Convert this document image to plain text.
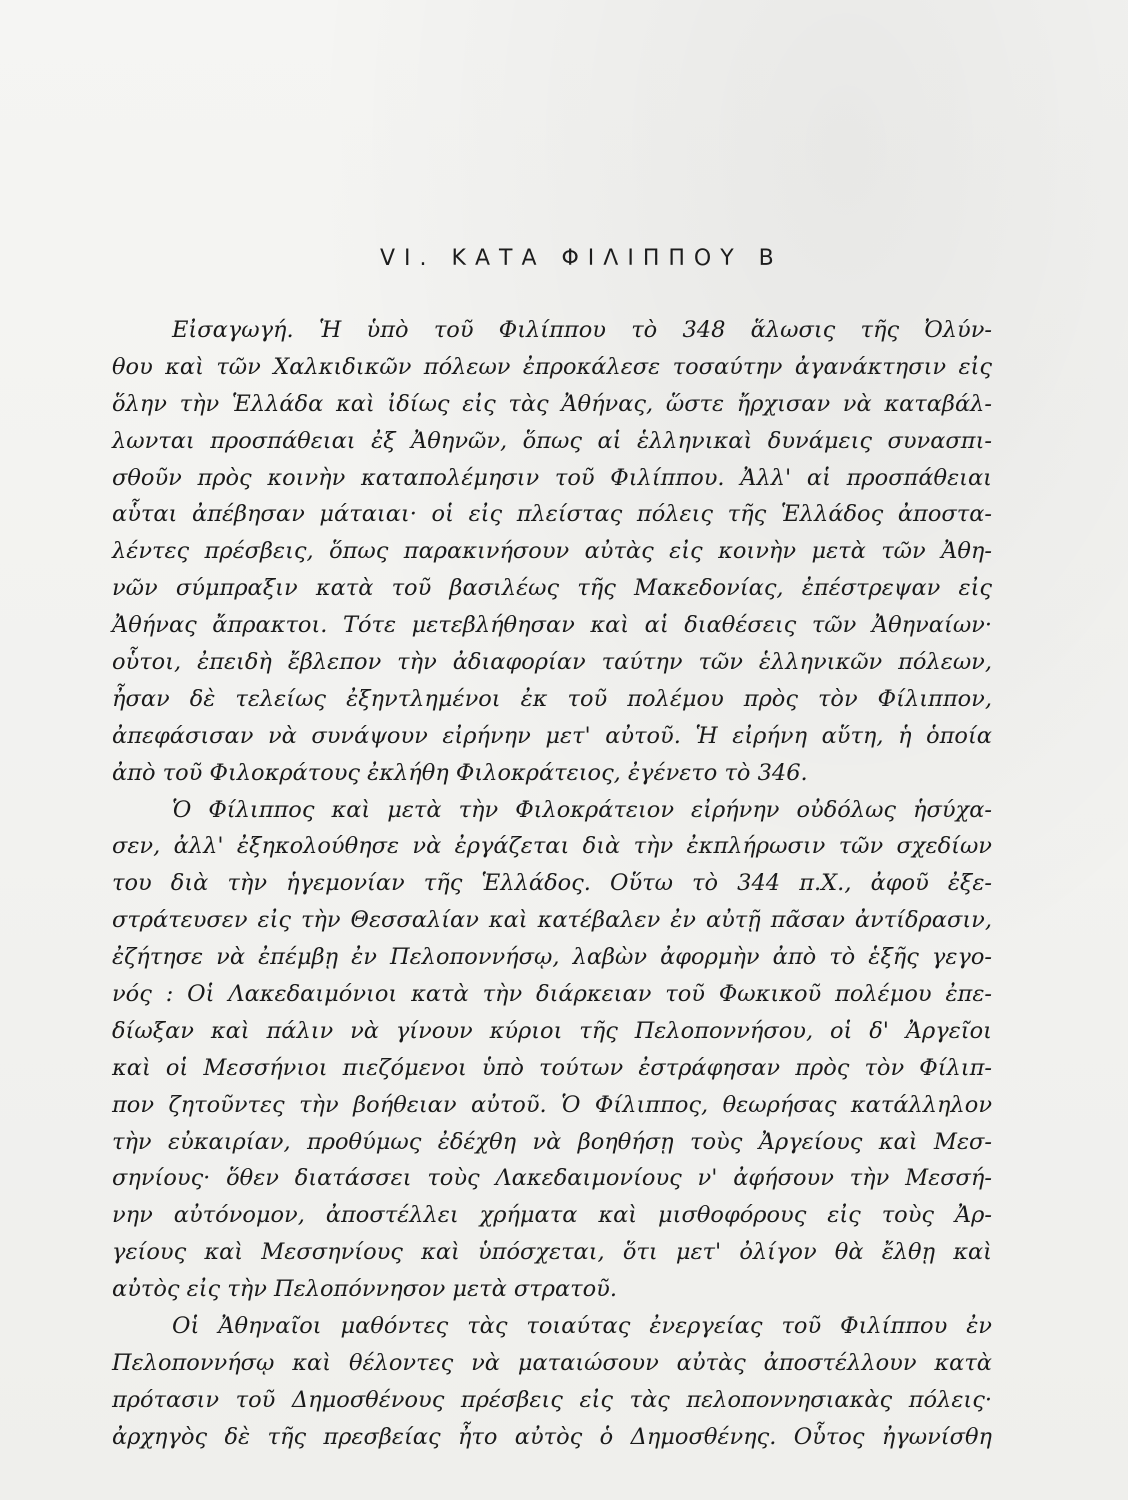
VI. ΚΑΤΑ ΦΙΛΙΠΠΟΥ Β
Εἰσαγωγή. Ἡ ὑπὸ τοῦ Φιλίππου τὸ 348 ἅλωσις τῆς Ὀλύν-
θου καὶ τῶν Χαλκιδικῶν πόλεων ἐπροκάλεσε τοσαύτην ἀγανάκτησιν εἰς
ὅλην τὴν Ἑλλάδα καὶ ἰδίως εἰς τὰς Ἀθήνας, ὥστε ἤρχισαν νὰ καταβάλ-
λωνται προσπάθειαι ἐξ Ἀθηνῶν, ὅπως αἱ ἑλληνικαὶ δυνάμεις συνασπι-
σθοῦν πρὸς κοινὴν καταπολέμησιν τοῦ Φιλίππου. Ἀλλ' αἱ προσπάθειαι
αὗται ἀπέβησαν μάταιαι· οἱ εἰς πλείστας πόλεις τῆς Ἑλλάδος ἀποστα-
λέντες πρέσβεις, ὅπως παρακινήσουν αὐτὰς εἰς κοινὴν μετὰ τῶν Ἀθη-
νῶν σύμπραξιν κατὰ τοῦ βασιλέως τῆς Μακεδονίας, ἐπέστρεψαν εἰς
Ἀθήνας ἄπρακτοι. Τότε μετεβλήθησαν καὶ αἱ διαθέσεις τῶν Ἀθηναίων·
οὗτοι, ἐπειδὴ ἔβλεπον τὴν ἀδιαφορίαν ταύτην τῶν ἑλληνικῶν πόλεων,
ἦσαν δὲ τελείως ἐξηντλημένοι ἐκ τοῦ πολέμου πρὸς τὸν Φίλιππον,
ἀπεφάσισαν νὰ συνάψουν εἰρήνην μετ' αὐτοῦ. Ἡ εἰρήνη αὕτη, ἡ ὁποία
ἀπὸ τοῦ Φιλοκράτους ἐκλήθη Φιλοκράτειος, ἐγένετο τὸ 346.
Ὁ Φίλιππος καὶ μετὰ τὴν Φιλοκράτειον εἰρήνην οὐδόλως ἡσύχα-
σεν, ἀλλ' ἐξηκολούθησε νὰ ἐργάζεται διὰ τὴν ἐκπλήρωσιν τῶν σχεδίων
του διὰ τὴν ἡγεμονίαν τῆς Ἑλλάδος. Οὕτω τὸ 344 π.Χ., ἀφοῦ ἐξε-
στράτευσεν εἰς τὴν Θεσσαλίαν καὶ κατέβαλεν ἐν αὐτῇ πᾶσαν ἀντίδρασιν,
ἐζήτησε νὰ ἐπέμβῃ ἐν Πελοποννήσῳ, λαβὼν ἀφορμὴν ἀπὸ τὸ ἑξῆς γεγο-
νός : Οἱ Λακεδαιμόνιοι κατὰ τὴν διάρκειαν τοῦ Φωκικοῦ πολέμου ἐπε-
δίωξαν καὶ πάλιν νὰ γίνουν κύριοι τῆς Πελοποννήσου, οἱ δ' Ἀργεῖοι
καὶ οἱ Μεσσήνιοι πιεζόμενοι ὑπὸ τούτων ἐστράφησαν πρὸς τὸν Φίλιπ-
πον ζητοῦντες τὴν βοήθειαν αὐτοῦ. Ὁ Φίλιππος, θεωρήσας κατάλληλον
τὴν εὐκαιρίαν, προθύμως ἐδέχθη νὰ βοηθήσῃ τοὺς Ἀργείους καὶ Μεσ-
σηνίους· ὅθεν διατάσσει τοὺς Λακεδαιμονίους ν' ἀφήσουν τὴν Μεσσή-
νην αὐτόνομον, ἀποστέλλει χρήματα καὶ μισθοφόρους εἰς τοὺς Ἀρ-
γείους καὶ Μεσσηνίους καὶ ὑπόσχεται, ὅτι μετ' ὀλίγον θὰ ἔλθῃ καὶ
αὐτὸς εἰς τὴν Πελοπόννησον μετὰ στρατοῦ.
Οἱ Ἀθηναῖοι μαθόντες τὰς τοιαύτας ἐνεργείας τοῦ Φιλίππου ἐν
Πελοποννήσῳ καὶ θέλοντες νὰ ματαιώσουν αὐτὰς ἀποστέλλουν κατὰ
πρότασιν τοῦ Δημοσθένους πρέσβεις εἰς τὰς πελοποννησιακὰς πόλεις·
ἀρχηγὸς δὲ τῆς πρεσβείας ἦτο αὐτὸς ὁ Δημοσθένης. Οὗτος ἠγωνίσθη
